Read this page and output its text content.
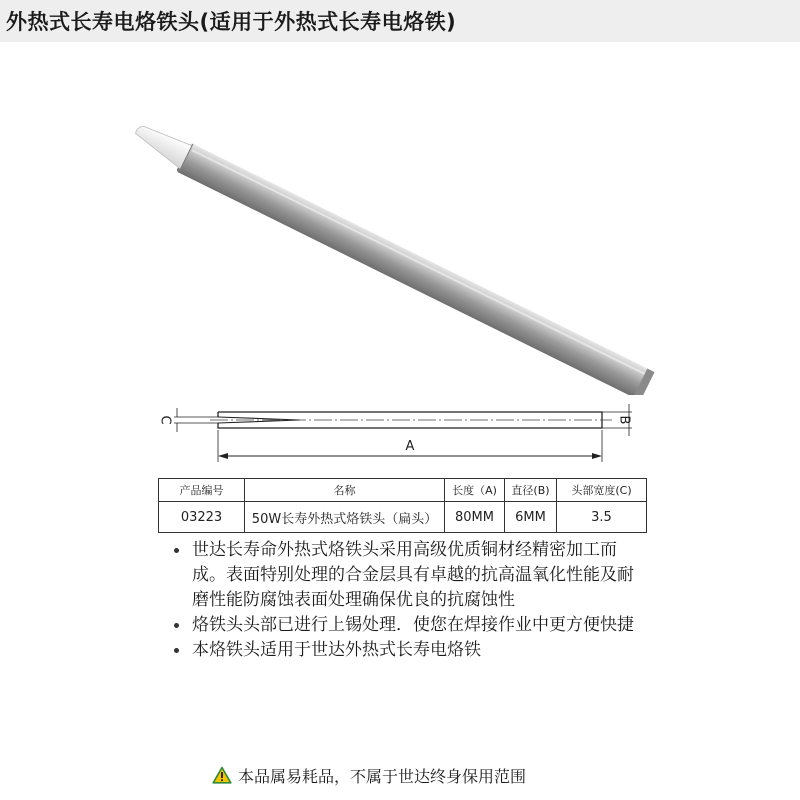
外热式长寿电烙铁头(适用于外热式长寿电烙铁)
C	B
A
产品编号	名称	长度（A)	直径(B)	头部宽度(C)
03223	50W长寿外热式烙铁头（扁头）	80MM	6MM	3.5
世达长寿命外热式烙铁头采用高级优质铜材经精密加工而成。表面特别处理的合金层具有卓越的抗高温氧化性能及耐磨性能防腐蚀表面处理确保优良的抗腐蚀性
烙铁头头部已进行上锡处理．使您在焊接作业中更方便快捷
本烙铁头适用于世达外热式长寿电烙铁
本品属易耗品，不属于世达终身保用范围
